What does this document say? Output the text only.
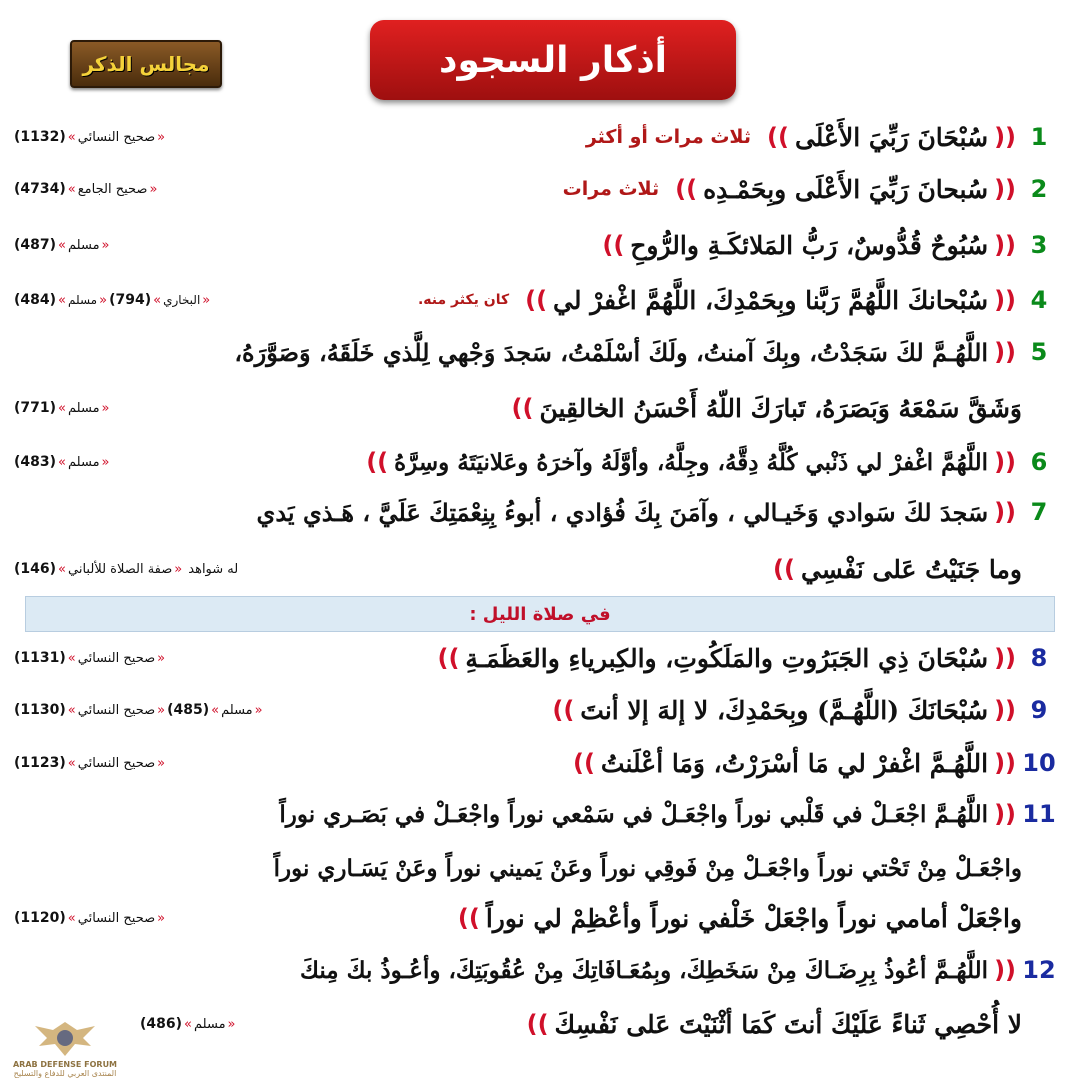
أذكار السجود
مجالس الذكر
1
((
سُبْحَانَ رَبِّيَ الأَعْلَى
))
ثلاث مرات أو أكثر
«
صحيح النسائي
»
(1132)
2
((
سُبحانَ رَبِّيَ الأَعْلَى وبِحَمْـدِه
))
ثلاث مرات
«
صحيح الجامع
»
(4734)
3
((
سُبُوحٌ قُدُّوسٌ، رَبُّ المَلائكَـةِ والرُّوحِ
))
«
مسلم
»
(487)
4
((
سُبْحانكَ اللَّهُمَّ رَبَّنا وبِحَمْدِكَ، اللَّهُمَّ اغْفرْ لي
))
كان يكثر منه.
«
البخاري
»
(794)
«
مسلم
»
(484)
5
((
اللَّهُـمَّ لكَ سَجَدْتُ، وبِكَ آمنتُ، ولَكَ أسْلَمْتُ، سَجدَ وَجْهي لِلَّذي خَلَقَهُ، وَصَوَّرَهُ،
وَشَقَّ سَمْعَهُ وَبَصَرَهُ، تَبارَكَ اللّهُ أَحْسَنُ الخالقِينَ
))
«
مسلم
»
(771)
6
((
اللَّهُمَّ اغْفرْ لي ذَنْبي كُلَّهُ دِقَّهُ، وجِلَّهُ، وأوَّلَهُ وآخرَهُ وعَلانيَتَهُ وسِرَّهُ
))
«
مسلم
»
(483)
7
((
سَجدَ لكَ سَوادي وَخَيـالي ، وآمَنَ بِكَ فُؤادي ، أبوءُ بِنِعْمَتِكَ عَلَيَّ ، هَـذي يَدي
وما جَنَيْتُ عَلى نَفْسِي
))
له شواهد
«
صفة الصلاة للألباني
»
(146)
في صلاة الليل :
8
((
سُبْحَانَ ذِي الجَبَرُوتِ والمَلَكُوتِ، والكِبرياءِ والعَظَمَـةِ
))
«
صحيح النسائي
»
(1131)
9
((
سُبْحَانَكَ (اللَّهُـمَّ) وبِحَمْدِكَ، لا إلهَ إلا أنتَ
))
«
مسلم
»
(485)
«
صحيح النسائي
»
(1130)
10
((
اللَّهُـمَّ اغْفرْ لي مَا أسْرَرْتُ، وَمَا أعْلَنتُ
))
«
صحيح النسائي
»
(1123)
11
((
اللَّهُـمَّ اجْعَـلْ في قَلْبي نوراً واجْعَـلْ في سَمْعي نوراً واجْعَـلْ في بَصَـري نوراً
واجْعَـلْ مِنْ تَحْتي نوراً واجْعَـلْ مِنْ فَوقِي نوراً وعَنْ يَميني نوراً وعَنْ يَسَـاري نوراً
واجْعَلْ أمامي نوراً واجْعَلْ خَلْفي نوراً وأعْظِمْ لي نوراً
))
«
صحيح النسائي
»
(1120)
12
((
اللَّهُـمَّ أعُوذُ بِرِضَـاكَ مِنْ سَخَطِكَ، وبِمُعَـافَاتِكَ مِنْ عُقُوبَتِكَ، وأعُـوذُ بكَ مِنكَ
لا أُحْصِي ثَناءً عَلَيْكَ أنتَ كَمَا أثْنَيْتَ عَلى نَفْسِكَ
))
«
مسلم
»
(486)
ARAB DEFENSE FORUM
المنتدى العربي للدفاع والتسليح
